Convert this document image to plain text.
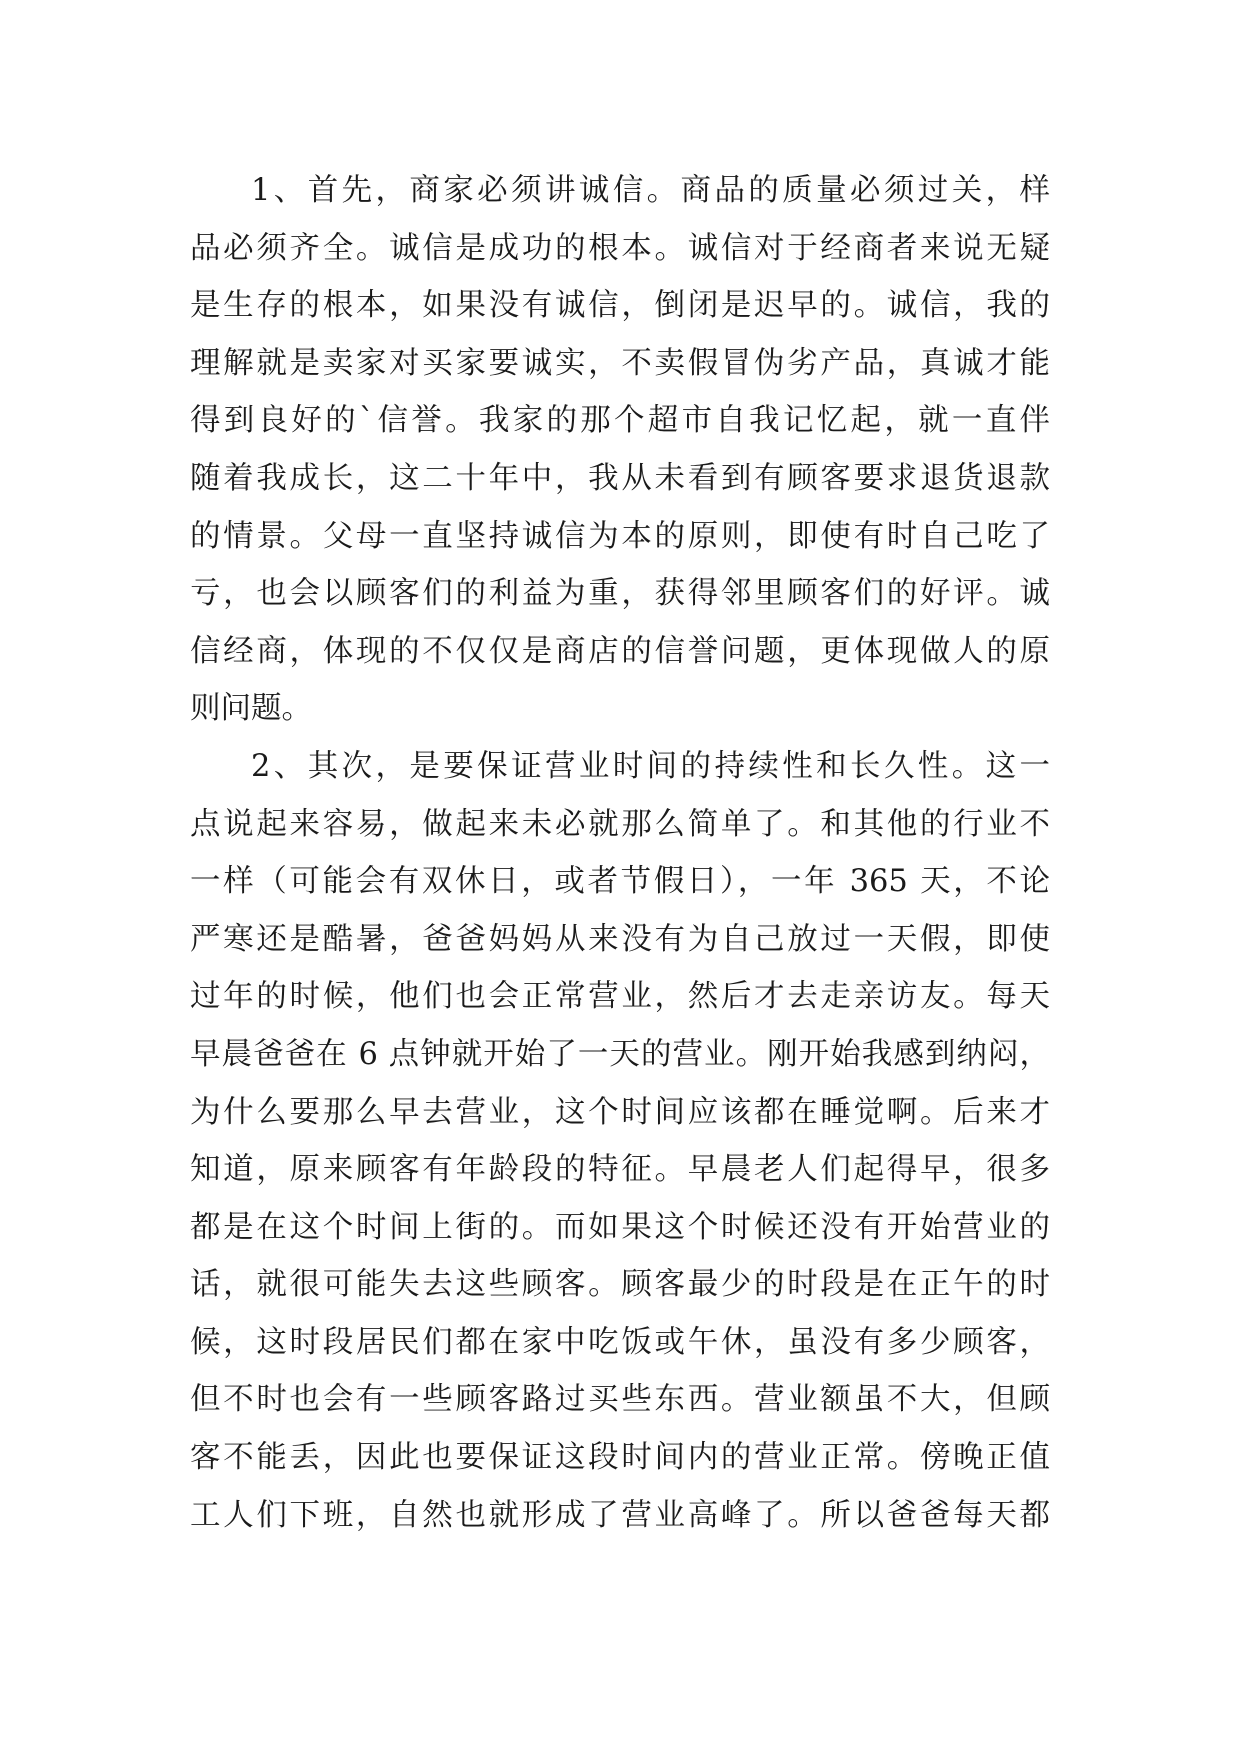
1、首先，商家必须讲诚信。商品的质量必须过关，样
品必须齐全。诚信是成功的根本。诚信对于经商者来说无疑
是生存的根本，如果没有诚信，倒闭是迟早的。诚信，我的
理解就是卖家对买家要诚实，不卖假冒伪劣产品，真诚才能
得到良好的`信誉。我家的那个超市自我记忆起，就一直伴
随着我成长，这二十年中，我从未看到有顾客要求退货退款
的情景。父母一直坚持诚信为本的原则，即使有时自己吃了
亏，也会以顾客们的利益为重，获得邻里顾客们的好评。诚
信经商，体现的不仅仅是商店的信誉问题，更体现做人的原
则问题。
2、其次，是要保证营业时间的持续性和长久性。这一
点说起来容易，做起来未必就那么简单了。和其他的行业不
一样（可能会有双休日，或者节假日），一年 365 天，不论
严寒还是酷暑，爸爸妈妈从来没有为自己放过一天假，即使
过年的时候，他们也会正常营业，然后才去走亲访友。每天
早晨爸爸在 6 点钟就开始了一天的营业。刚开始我感到纳闷，
为什么要那么早去营业，这个时间应该都在睡觉啊。后来才
知道，原来顾客有年龄段的特征。早晨老人们起得早，很多
都是在这个时间上街的。而如果这个时候还没有开始营业的
话，就很可能失去这些顾客。顾客最少的时段是在正午的时
候，这时段居民们都在家中吃饭或午休，虽没有多少顾客，
但不时也会有一些顾客路过买些东西。营业额虽不大，但顾
客不能丢，因此也要保证这段时间内的营业正常。傍晚正值
工人们下班，自然也就形成了营业高峰了。所以爸爸每天都
